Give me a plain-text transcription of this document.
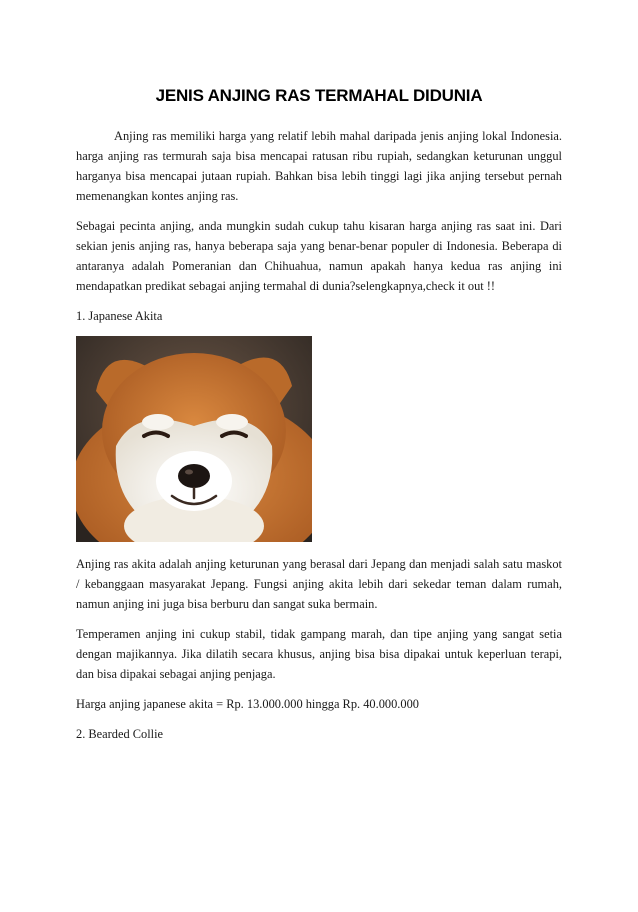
JENIS ANJING RAS TERMAHAL DIDUNIA

Anjing ras memiliki harga yang relatif lebih mahal daripada jenis anjing lokal Indonesia. harga anjing ras termurah saja bisa mencapai ratusan ribu rupiah, sedangkan keturunan unggul harganya bisa mencapai jutaan rupiah. Bahkan bisa lebih tinggi lagi jika anjing tersebut pernah memenangkan kontes anjing ras.

Sebagai pecinta anjing, anda mungkin sudah cukup tahu kisaran harga anjing ras saat ini. Dari sekian jenis anjing ras, hanya beberapa saja yang benar-benar populer di Indonesia. Beberapa di antaranya adalah Pomeranian dan Chihuahua, namun apakah hanya kedua ras anjing ini mendapatkan predikat sebagai anjing termahal di dunia?selengkapnya,check it out !!

1. Japanese Akita

Anjing ras akita adalah anjing keturunan yang berasal dari Jepang dan menjadi salah satu maskot / kebanggaan masyarakat Jepang. Fungsi anjing akita lebih dari sekedar teman dalam rumah, namun anjing ini juga bisa berburu dan sangat suka bermain.

Temperamen anjing ini cukup stabil, tidak gampang marah, dan tipe anjing yang sangat setia dengan majikannya. Jika dilatih secara khusus, anjing bisa bisa dipakai untuk keperluan terapi, dan bisa dipakai sebagai anjing penjaga.

Harga anjing japanese akita = Rp. 13.000.000 hingga Rp. 40.000.000

2. Bearded Collie
